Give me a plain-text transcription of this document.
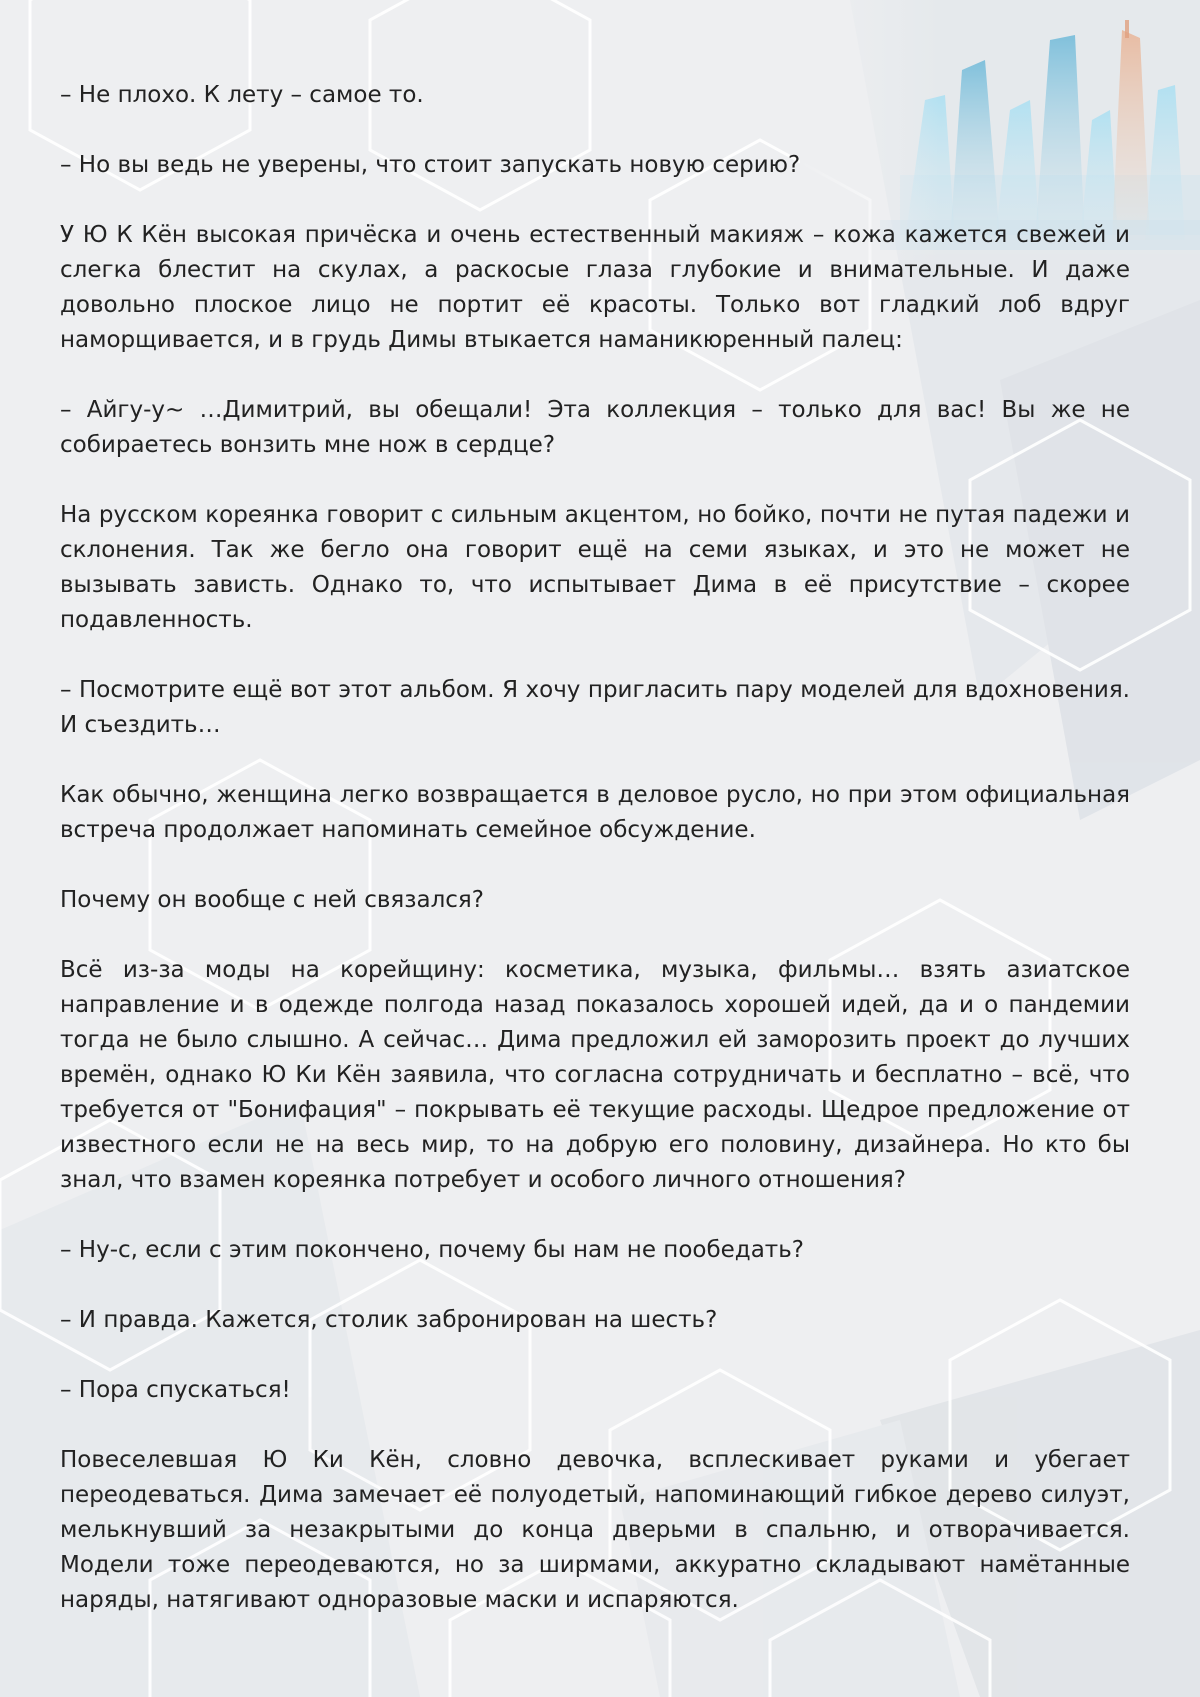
– Не плохо. К лету – самое то.

– Но вы ведь не уверены, что стоит запускать новую серию?

У Ю К Кён высокая причёска и очень естественный макияж – кожа кажется свежей и слегка блестит на скулах, а раскосые глаза глубокие и внимательные. И даже довольно плоское лицо не портит её красоты. Только вот гладкий лоб вдруг наморщивается, и в грудь Димы втыкается наманикюренный палец:

– Айгу-у~ …Димитрий, вы обещали! Эта коллекция – только для вас! Вы же не собираетесь вонзить мне нож в сердце?

На русском кореянка говорит с сильным акцентом, но бойко, почти не путая падежи и склонения. Так же бегло она говорит ещё на семи языках, и это не может не вызывать зависть. Однако то, что испытывает Дима в её присутствие – скорее подавленность.

– Посмотрите ещё вот этот альбом. Я хочу пригласить пару моделей для вдохновения. И съездить…

Как обычно, женщина легко возвращается в деловое русло, но при этом официальная встреча продолжает напоминать семейное обсуждение.

Почему он вообще с ней связался?

Всё из-за моды на корейщину: косметика, музыка, фильмы… взять азиатское направление и в одежде полгода назад показалось хорошей идей, да и о пандемии тогда не было слышно. А сейчас… Дима предложил ей заморозить проект до лучших времён, однако Ю Ки Кён заявила, что согласна сотрудничать и бесплатно – всё, что требуется от "Бонифация" – покрывать её текущие расходы. Щедрое предложение от известного если не на весь мир, то на добрую его половину, дизайнера. Но кто бы знал, что взамен кореянка потребует и особого личного отношения?

– Ну-с, если с этим покончено, почему бы нам не пообедать?

– И правда. Кажется, столик забронирован на шесть?

– Пора спускаться!

Повеселевшая Ю Ки Кён, словно девочка, всплескивает руками и убегает переодеваться. Дима замечает её полуодетый, напоминающий гибкое дерево силуэт, мелькнувший за незакрытыми до конца дверьми в спальню, и отворачивается. Модели тоже переодеваются, но за ширмами, аккуратно складывают намётанные наряды, натягивают одноразовые маски и испаряются.
